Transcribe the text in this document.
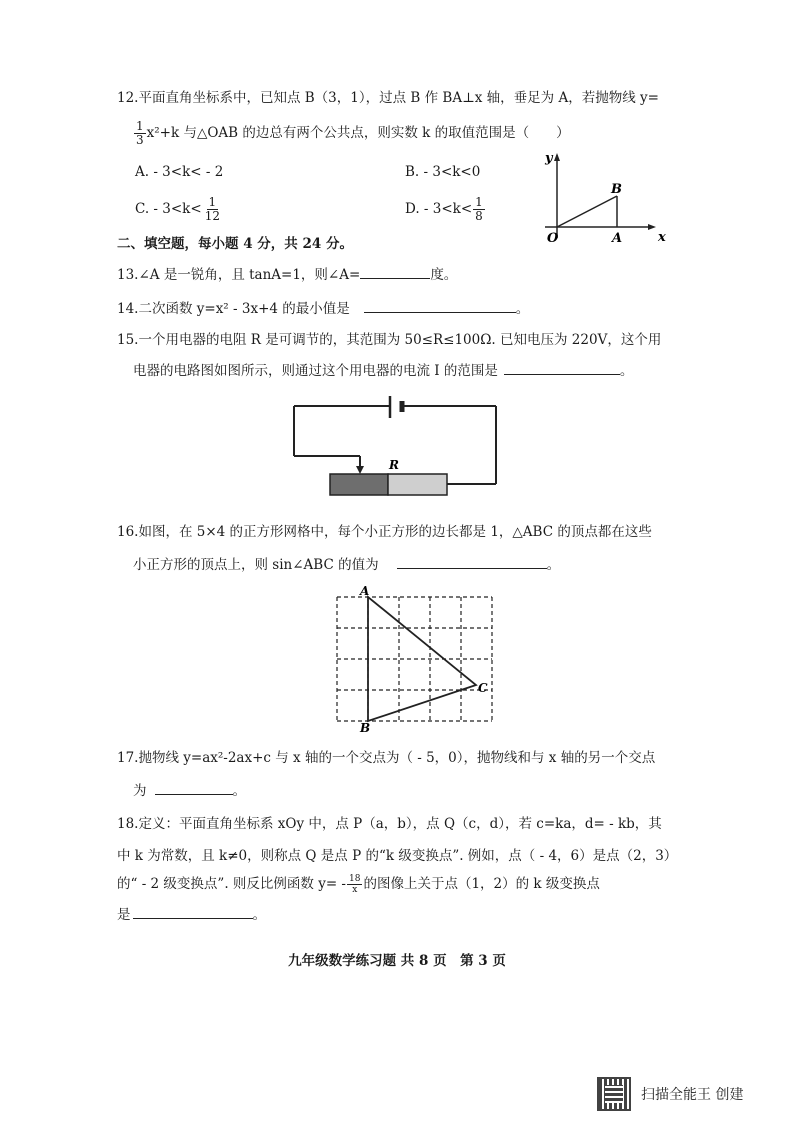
12.平面直角坐标系中，已知点 B（3，1），过点 B 作 BA⊥x 轴，垂足为 A，若抛物线 y=
$\frac{1}{3} x^2+k$ 与△OAB 的边总有两个公共点，则实数 k 的取值范围是（　　）
A. - 3<k< - 2	B. - 3<k<0
C. - $3<k< \frac{1}{12}$	D. - $3<k< \frac{1}{8}$
y
x
O	A
B
二、填空题，每小题 4 分，共 24 分。
13.∠A 是一锐角，且 tanA=1，则∠A=	度。
14.二次函数 y=x² - 3x+4 的最小值是	。
15.一个用电器的电阻 R 是可调节的，其范围为 50≤R≤100Ω. 已知电压为 220V，这个用
电器的电路图如图所示，则通过这个用电器的电流 I 的范围是	。
R
16.如图，在 5×4 的正方形网格中，每个小正方形的边长都是 1，△ABC 的顶点都在这些
小正方形的顶点上，则 sin∠ABC 的值为	。
A
B
C
17.抛物线 y=ax²-2ax+c 与 x 轴的一个交点为（ - 5，0），抛物线和与 x 轴的另一个交点
为	。
18.定义：平面直角坐标系 xOy 中，点 P（a，b），点 Q（c，d），若 c=ka，d= - kb，其
中 k 为常数，且 k≠0，则称点 Q 是点 P 的“k 级变换点”. 例如，点（ - 4，6）是点（2，3）
的“ - 2 级变换点”. 则反比例函数 $y= - \frac{18}{x}$ 的图像上关于点（1，2）的 k 级变换点
是	。
九年级数学练习题 共 8 页　第 3 页
扫描全能王 创建
